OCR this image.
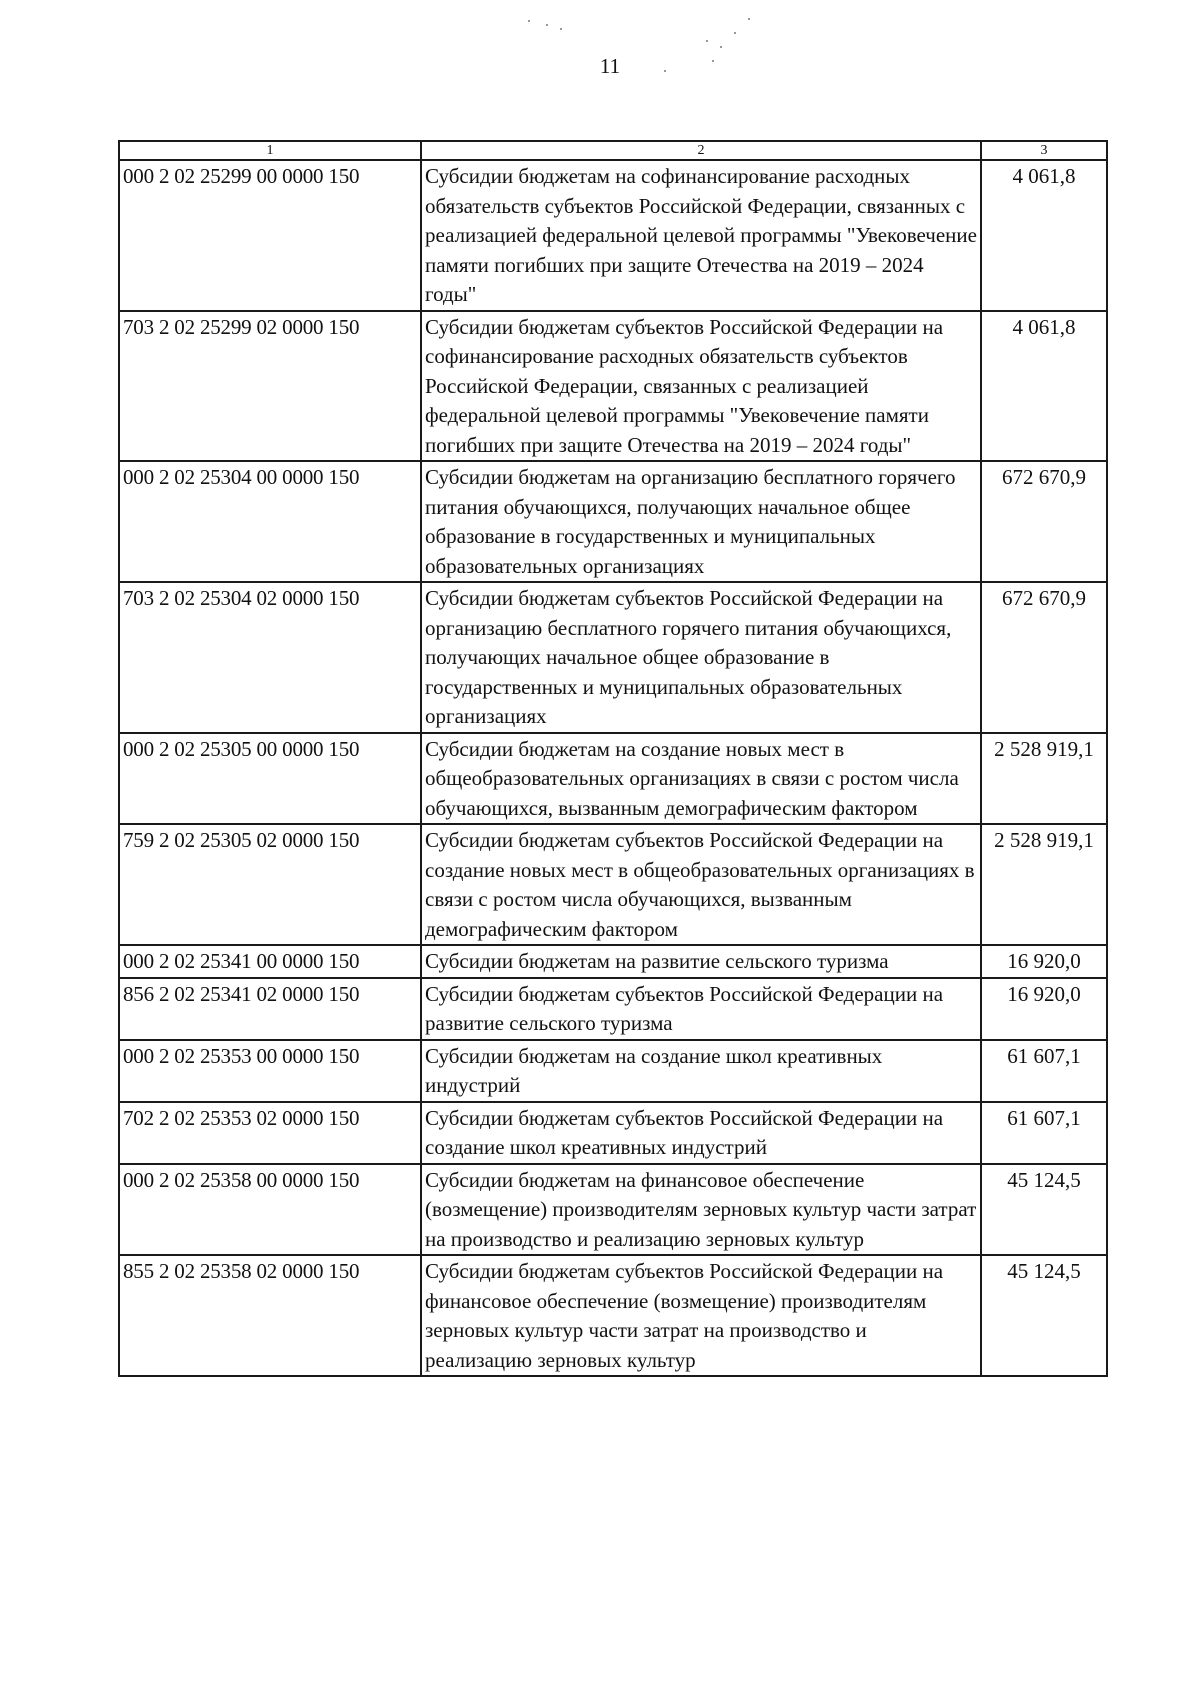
11
1	2	3
000 2 02 25299 00 0000 150	Субсидии бюджетам на софинансирование расходных обязательств субъектов Российской Федерации, связанных с реализацией федеральной целевой программы "Увековечение памяти погибших при защите Отечества на 2019 – 2024 годы"	4 061,8
703 2 02 25299 02 0000 150	Субсидии бюджетам субъектов Российской Федерации на софинансирование расходных обязательств субъектов Российской Федерации, связанных с реализацией федеральной целевой программы "Увековечение памяти погибших при защите Отечества на 2019 – 2024 годы"	4 061,8
000 2 02 25304 00 0000 150	Субсидии бюджетам на организацию бесплатного горячего питания обучающихся, получающих начальное общее образование в государственных и муниципальных образовательных организациях	672 670,9
703 2 02 25304 02 0000 150	Субсидии бюджетам субъектов Российской Федерации на организацию бесплатного горячего питания обучающихся, получающих начальное общее образование в государственных и муниципальных образовательных организациях	672 670,9
000 2 02 25305 00 0000 150	Субсидии бюджетам на создание новых мест в общеобразовательных организациях в связи с ростом числа обучающихся, вызванным демографическим фактором	2 528 919,1
759 2 02 25305 02 0000 150	Субсидии бюджетам субъектов Российской Федерации на создание новых мест в общеобразовательных организациях в связи с ростом числа обучающихся, вызванным демографическим фактором	2 528 919,1
000 2 02 25341 00 0000 150	Субсидии бюджетам на развитие сельского туризма	16 920,0
856 2 02 25341 02 0000 150	Субсидии бюджетам субъектов Российской Федерации на развитие сельского туризма	16 920,0
000 2 02 25353 00 0000 150	Субсидии бюджетам на создание школ креативных индустрий	61 607,1
702 2 02 25353 02 0000 150	Субсидии бюджетам субъектов Российской Федерации на создание школ креативных индустрий	61 607,1
000 2 02 25358 00 0000 150	Субсидии бюджетам на финансовое обеспечение (возмещение) производителям зерновых культур части затрат на производство и реализацию зерновых культур	45 124,5
855 2 02 25358 02 0000 150	Субсидии бюджетам субъектов Российской Федерации на финансовое обеспечение (возмещение) производителям зерновых культур части затрат на производство и реализацию зерновых культур	45 124,5
